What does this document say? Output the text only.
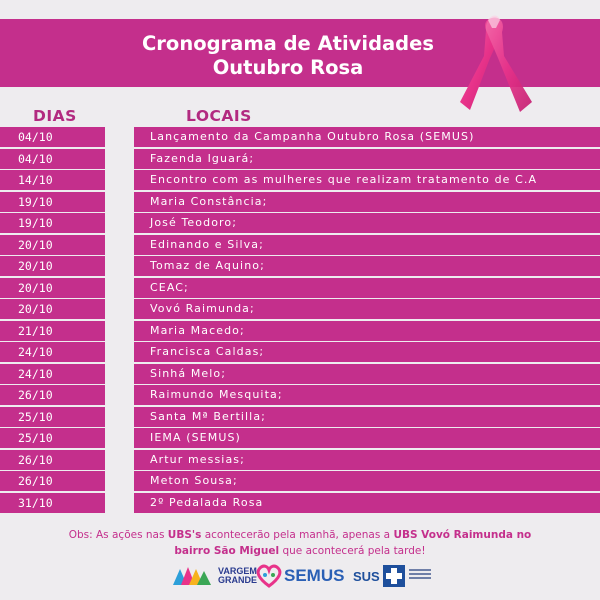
Cronograma de Atividades
Outubro Rosa
DIAS	LOCAIS
04/10	Lançamento da Campanha Outubro Rosa (SEMUS)
04/10	Fazenda Iguará;
14/10	Encontro com as mulheres que realizam tratamento de C.A
19/10	Maria Constância;
19/10	José Teodoro;
20/10	Edinando e Silva;
20/10	Tomaz de Aquino;
20/10	CEAC;
20/10	Vovó Raimunda;
21/10	Maria Macedo;
24/10	Francisca Caldas;
24/10	Sinhá Melo;
26/10	Raimundo Mesquita;
25/10	Santa Mª Bertilla;
25/10	IEMA (SEMUS)
26/10	Artur messias;
26/10	Meton Sousa;
31/10	2º Pedalada Rosa
Obs: As ações nas UBS's acontecerão pela manhã, apenas a UBS Vovó Raimunda no
bairro São Miguel que acontecerá pela tarde!
VARGEM
GRANDE SEMUS SUS
